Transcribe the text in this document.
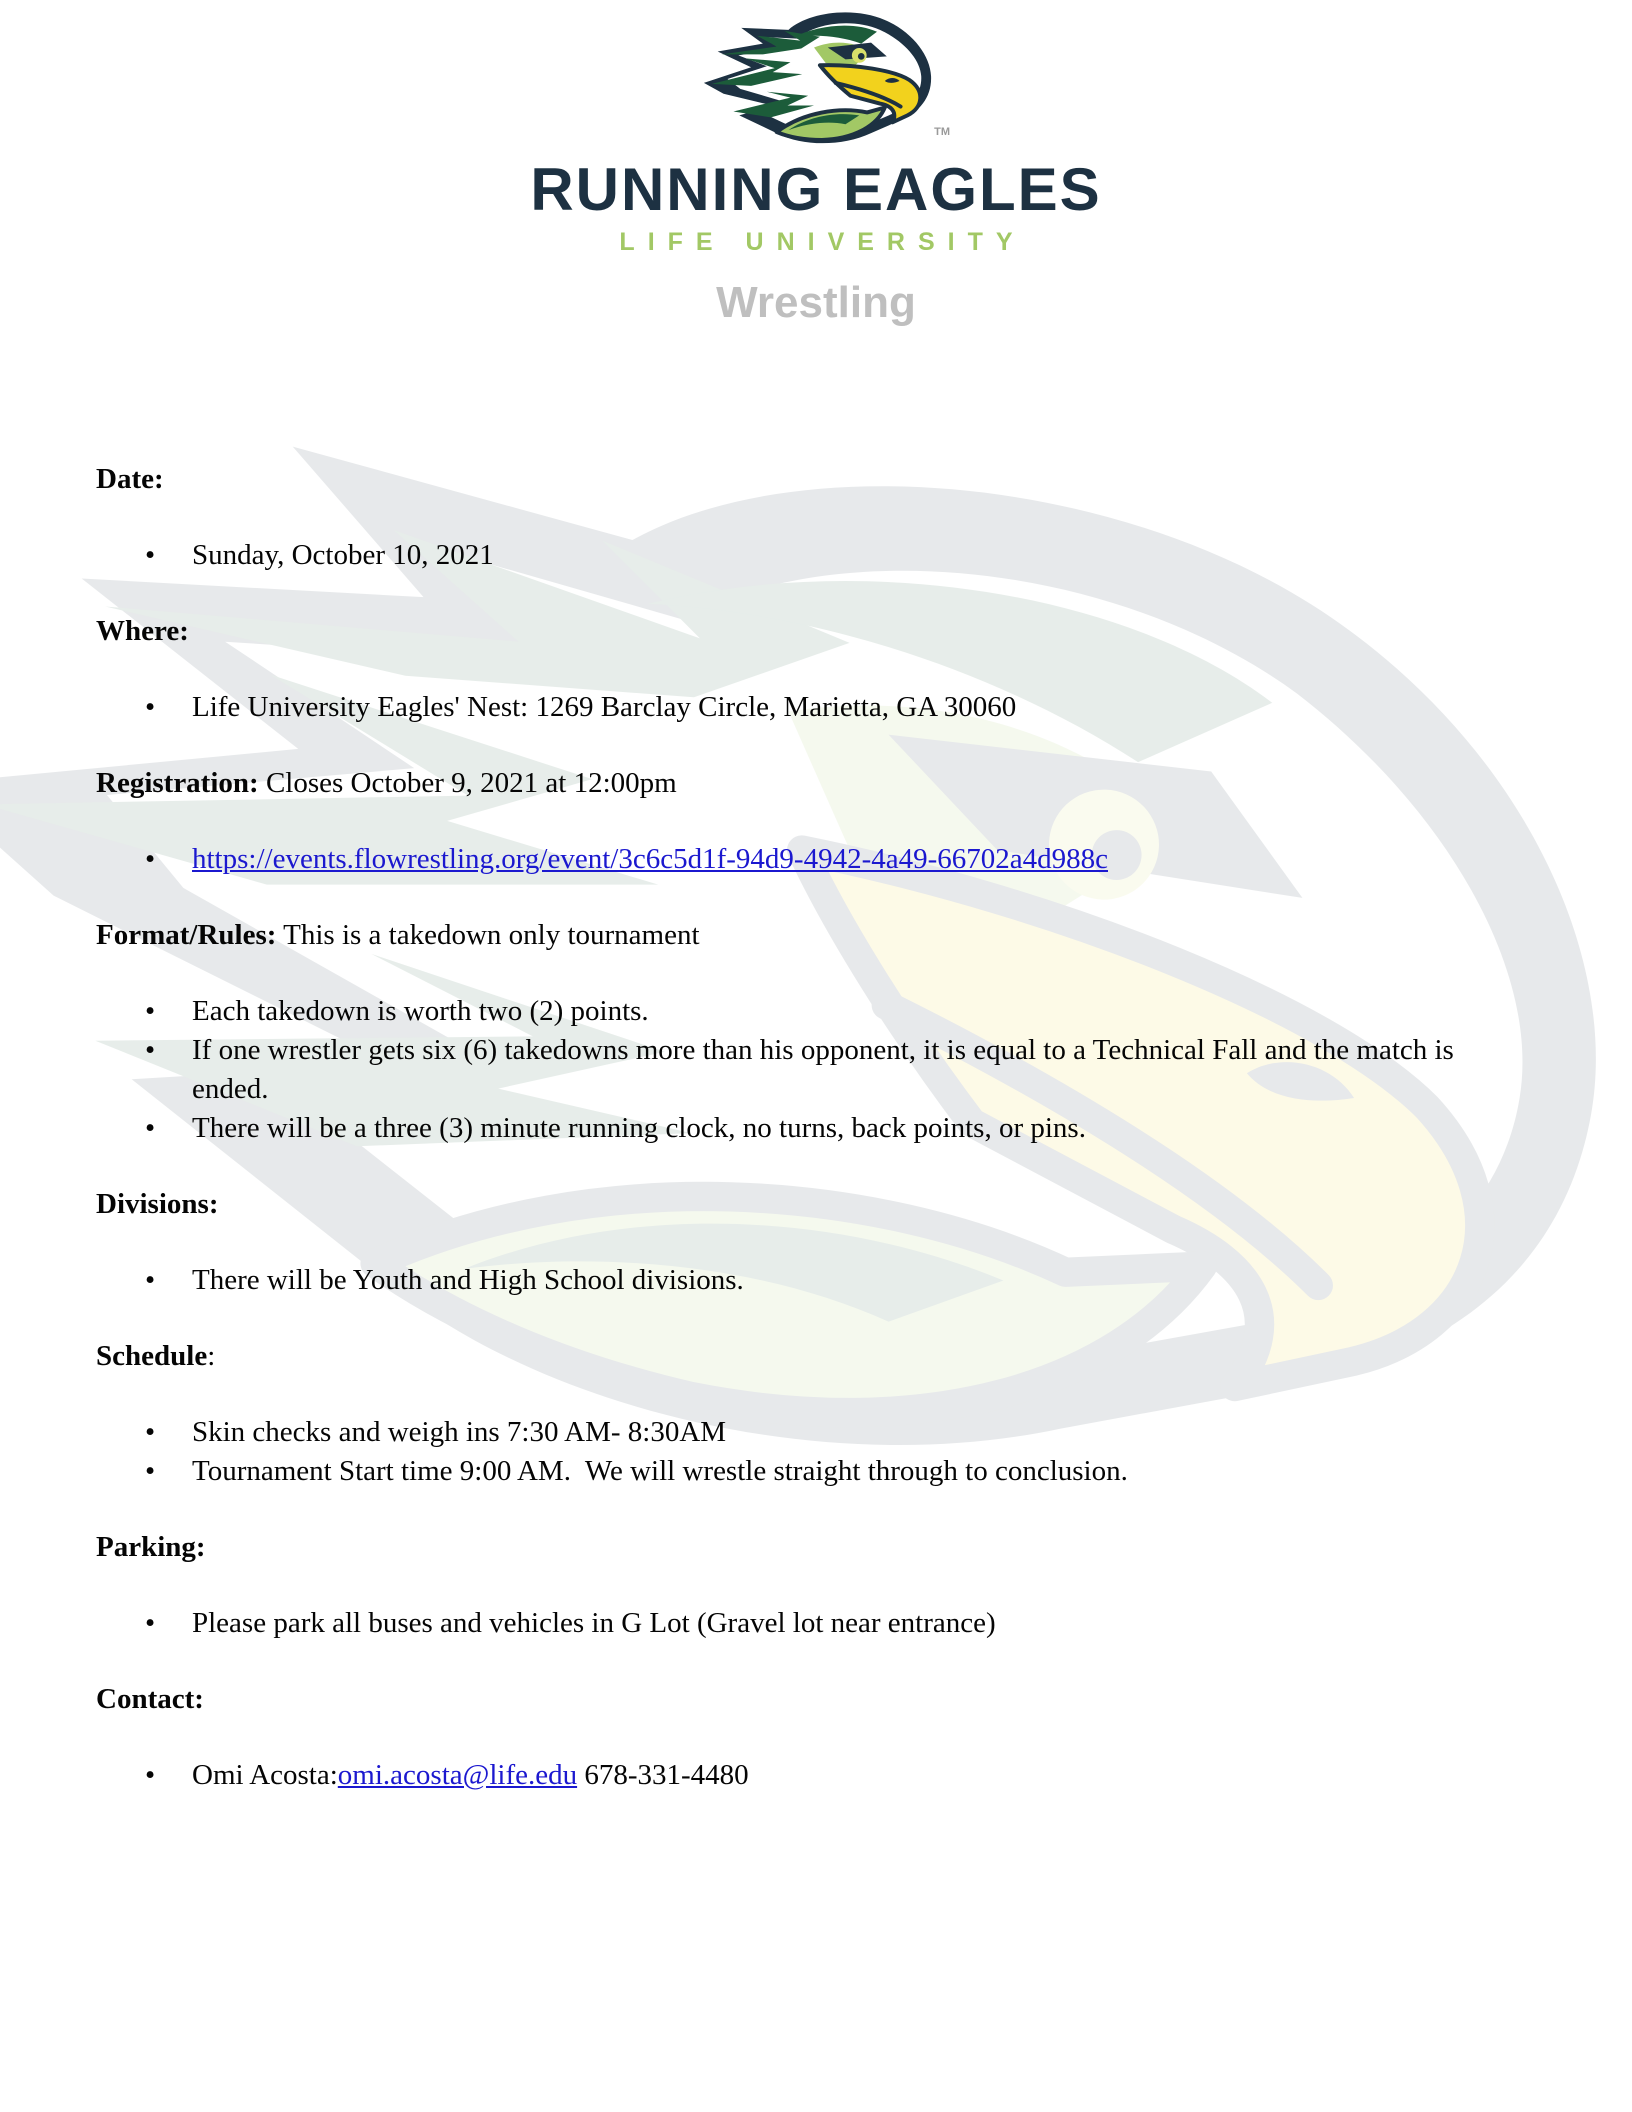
TM
RUNNING EAGLES
LIFE UNIVERSITY
Wrestling

Date:

• Sunday, October 10, 2021

Where:

• Life University Eagles' Nest: 1269 Barclay Circle, Marietta, GA 30060

Registration: Closes October 9, 2021 at 12:00pm

• https://events.flowrestling.org/event/3c6c5d1f-94d9-4942-4a49-66702a4d988c

Format/Rules: This is a takedown only tournament

• Each takedown is worth two (2) points.
• If one wrestler gets six (6) takedowns more than his opponent, it is equal to a Technical Fall and the match is ended.
• There will be a three (3) minute running clock, no turns, back points, or pins.

Divisions:

• There will be Youth and High School divisions.

Schedule:

• Skin checks and weigh ins 7:30 AM- 8:30AM
• Tournament Start time 9:00 AM.  We will wrestle straight through to conclusion.

Parking:

• Please park all buses and vehicles in G Lot (Gravel lot near entrance)

Contact:

• Omi Acosta:omi.acosta@life.edu 678-331-4480
